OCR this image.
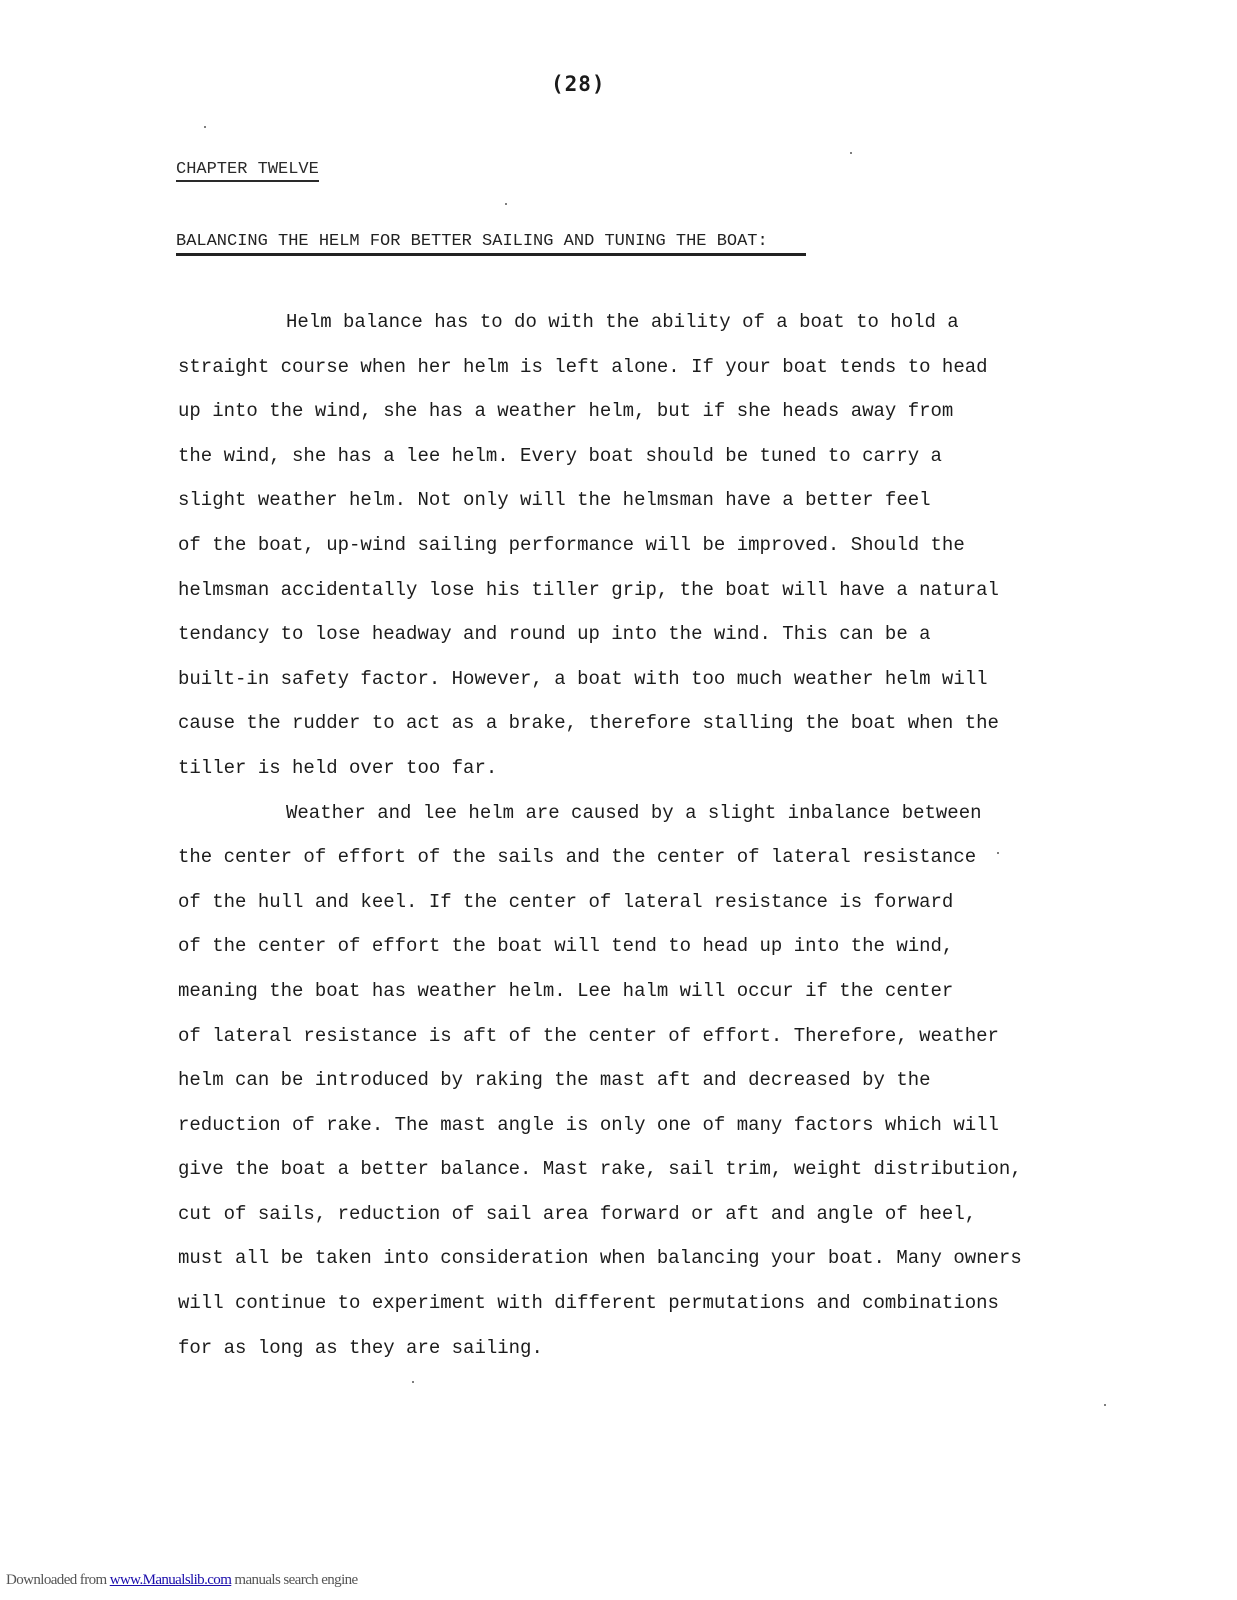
(28)
CHAPTER TWELVE
BALANCING THE HELM FOR BETTER SAILING AND TUNING THE BOAT:
Helm balance has to do with the ability of a boat to hold a
straight course when her helm is left alone. If your boat tends to head
up into the wind, she has a weather helm, but if she heads away from
the wind, she has a lee helm. Every boat should be tuned to carry a
slight weather helm. Not only will the helmsman have a better feel
of the boat, up-wind sailing performance will be improved. Should the
helmsman accidentally lose his tiller grip, the boat will have a natural
tendancy to lose headway and round up into the wind. This can be a
built-in safety factor. However, a boat with too much weather helm will
cause the rudder to act as a brake, therefore stalling the boat when the
tiller is held over too far.
Weather and lee helm are caused by a slight inbalance between
the center of effort of the sails and the center of lateral resistance
of the hull and keel. If the center of lateral resistance is forward
of the center of effort the boat will tend to head up into the wind,
meaning the boat has weather helm. Lee halm will occur if the center
of lateral resistance is aft of the center of effort. Therefore, weather
helm can be introduced by raking the mast aft and decreased by the
reduction of rake. The mast angle is only one of many factors which will
give the boat a better balance. Mast rake, sail trim, weight distribution,
cut of sails, reduction of sail area forward or aft and angle of heel,
must all be taken into consideration when balancing your boat. Many owners
will continue to experiment with different permutations and combinations
for as long as they are sailing.
Downloaded from www.Manualslib.com manuals search engine
